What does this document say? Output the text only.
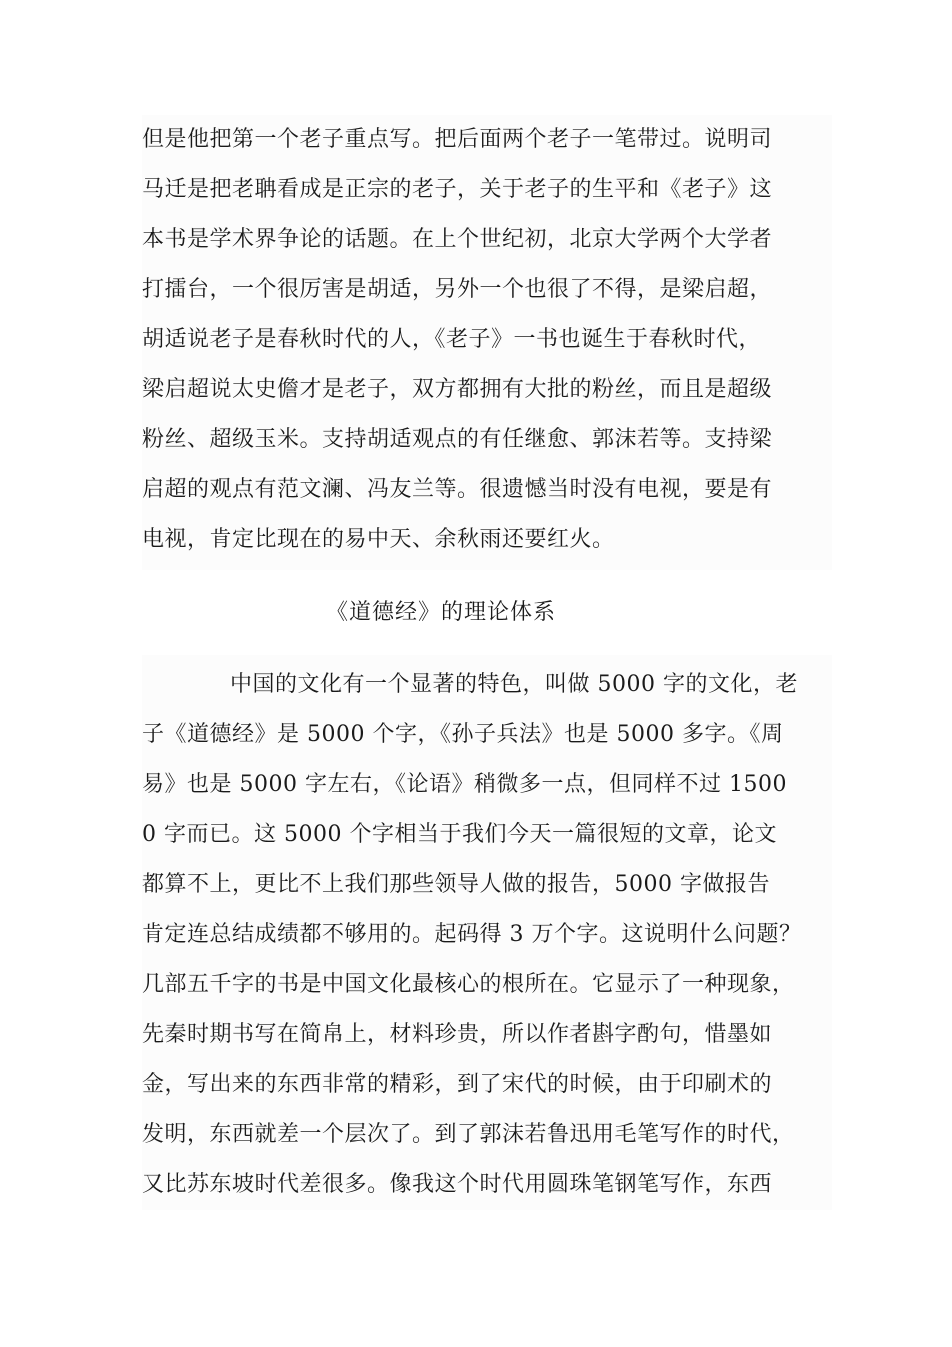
但是他把第一个老子重点写。把后面两个老子一笔带过。说明司
马迁是把老聃看成是正宗的老子，关于老子的生平和《老子》这
本书是学术界争论的话题。在上个世纪初，北京大学两个大学者
打擂台，一个很厉害是胡适，另外一个也很了不得，是梁启超，
胡适说老子是春秋时代的人，《老子》一书也诞生于春秋时代，
梁启超说太史儋才是老子，双方都拥有大批的粉丝，而且是超级
粉丝、超级玉米。支持胡适观点的有任继愈、郭沫若等。支持梁
启超的观点有范文澜、冯友兰等。很遗憾当时没有电视，要是有
电视，肯定比现在的易中天、余秋雨还要红火。
《道德经》的理论体系
中国的文化有一个显著的特色，叫做 5000 字的文化，老
子《道德经》是 5000 个字，《孙子兵法》也是 5000 多字。《周
易》也是 5000 字左右，《论语》稍微多一点，但同样不过 1500
0 字而已。这 5000 个字相当于我们今天一篇很短的文章，论文
都算不上，更比不上我们那些领导人做的报告，5000 字做报告
肯定连总结成绩都不够用的。起码得 3 万个字。这说明什么问题？
几部五千字的书是中国文化最核心的根所在。它显示了一种现象，
先秦时期书写在简帛上，材料珍贵，所以作者斟字酌句，惜墨如
金，写出来的东西非常的精彩，到了宋代的时候，由于印刷术的
发明，东西就差一个层次了。到了郭沫若鲁迅用毛笔写作的时代，
又比苏东坡时代差很多。像我这个时代用圆珠笔钢笔写作，东西
